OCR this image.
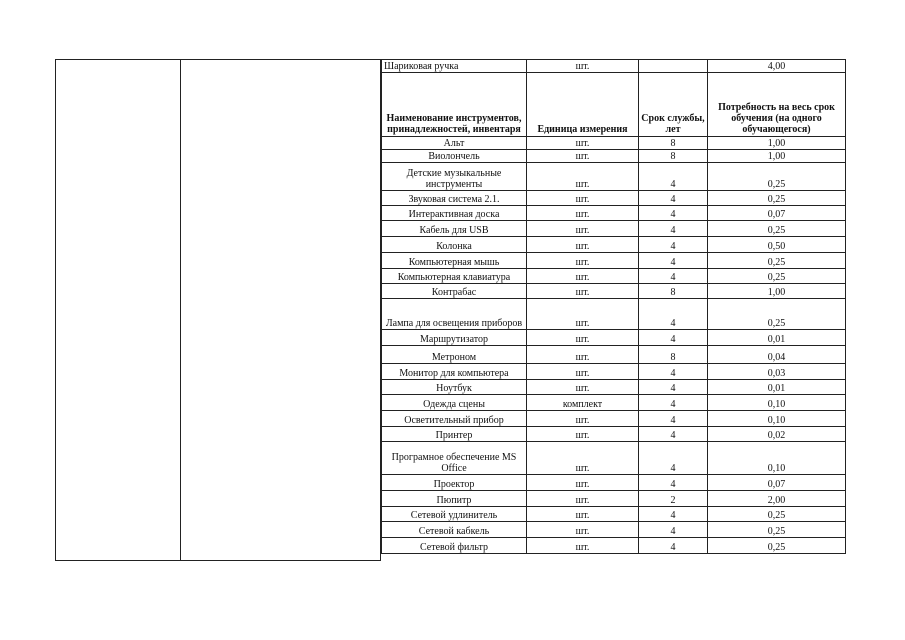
Шариковая ручка	шт.		4,00
Наименование инструментов, принадлежностей, инвентаря	Единица измерения	Срок службы, лет	Потребность на весь срок обучения (на одного обучающегося)
Альт	шт.	8	1,00
Виолончель	шт.	8	1,00
Детские музыкальные инструменты	шт.	4	0,25
Звуковая система 2.1.	шт.	4	0,25
Интерактивная доска	шт.	4	0,07
Кабель для USB	шт.	4	0,25
Колонка	шт.	4	0,50
Компьютерная мышь	шт.	4	0,25
Компьютерная клавиатура	шт.	4	0,25
Контрабас	шт.	8	1,00
Лампа для освещения приборов	шт.	4	0,25
Маршрутизатор	шт.	4	0,01
Метроном	шт.	8	0,04
Монитор для компьютера	шт.	4	0,03
Ноутбук	шт.	4	0,01
Одежда сцены	комплект	4	0,10
Осветительный прибор	шт.	4	0,10
Принтер	шт.	4	0,02
Програмное обеспечение MS Office	шт.	4	0,10
Проектор	шт.	4	0,07
Пюпитр	шт.	2	2,00
Сетевой удлинитель	шт.	4	0,25
Сетевой кабкель	шт.	4	0,25
Сетевой фильтр	шт.	4	0,25
